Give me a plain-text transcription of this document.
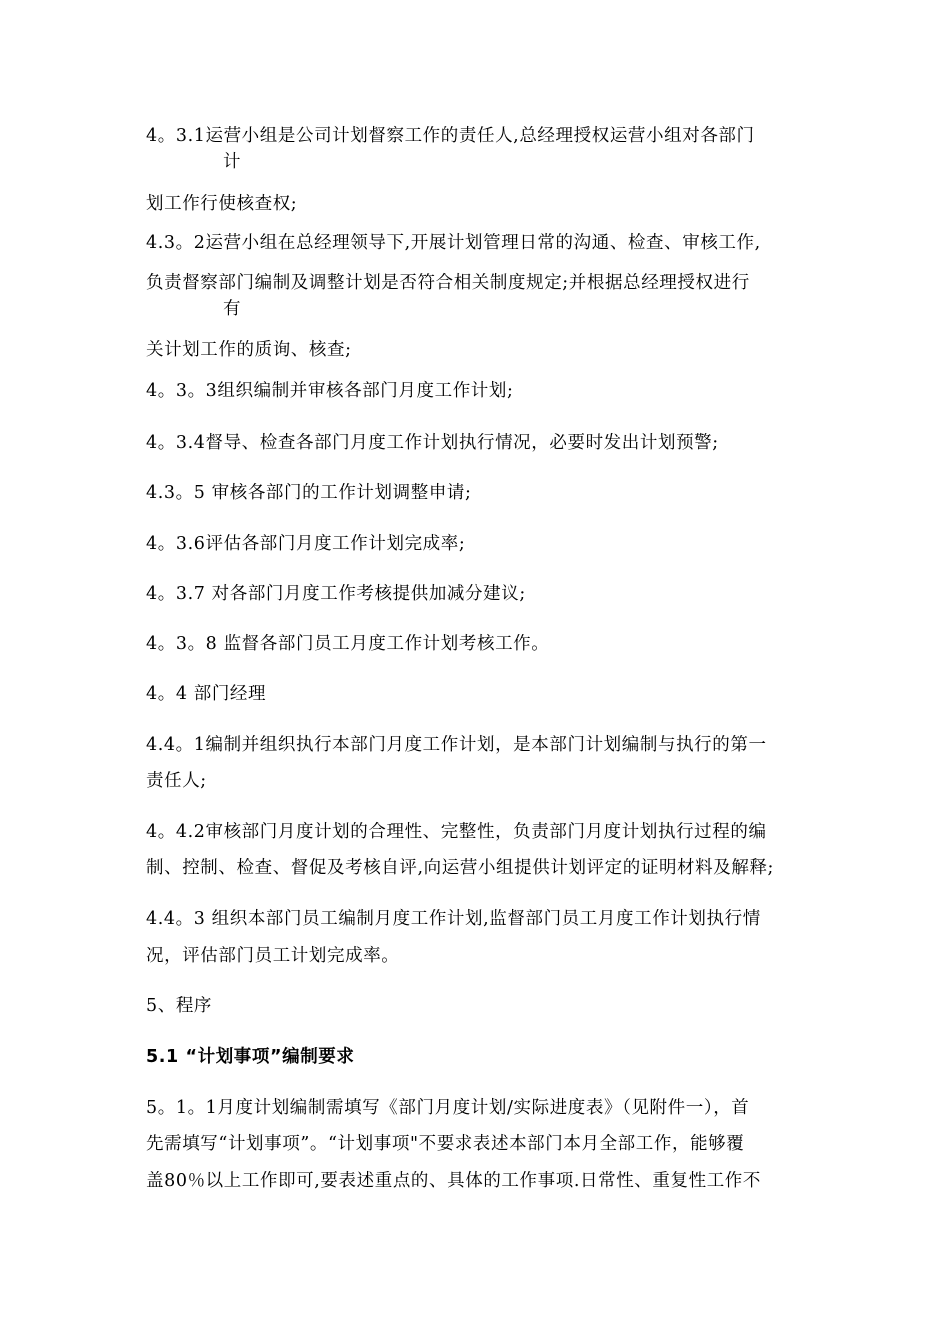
4。3.1运营小组是公司计划督察工作的责任人,总经理授权运营小组对各部门
计
划工作行使核查权;
4.3。2运营小组在总经理领导下,开展计划管理日常的沟通、检查、审核工作,
负责督察部门编制及调整计划是否符合相关制度规定;并根据总经理授权进行
有
关计划工作的质询、核查;
4。3。3组织编制并审核各部门月度工作计划;
4。3.4督导、检查各部门月度工作计划执行情况，必要时发出计划预警;
4.3。5 审核各部门的工作计划调整申请;
4。3.6评估各部门月度工作计划完成率;
4。3.7 对各部门月度工作考核提供加减分建议;
4。3。8 监督各部门员工月度工作计划考核工作。
4。4 部门经理
4.4。1编制并组织执行本部门月度工作计划，是本部门计划编制与执行的第一
责任人;
4。4.2审核部门月度计划的合理性、完整性，负责部门月度计划执行过程的编
制、控制、检查、督促及考核自评,向运营小组提供计划评定的证明材料及解释;
4.4。3 组织本部门员工编制月度工作计划,监督部门员工月度工作计划执行情
况，评估部门员工计划完成率。
5、程序
5.1 “计划事项”编制要求
5。1。1月度计划编制需填写《部门月度计划/实际进度表》（见附件一），首
先需填写“计划事项”。“计划事项"不要求表述本部门本月全部工作，能够覆
盖80％以上工作即可,要表述重点的、具体的工作事项.日常性、重复性工作不
